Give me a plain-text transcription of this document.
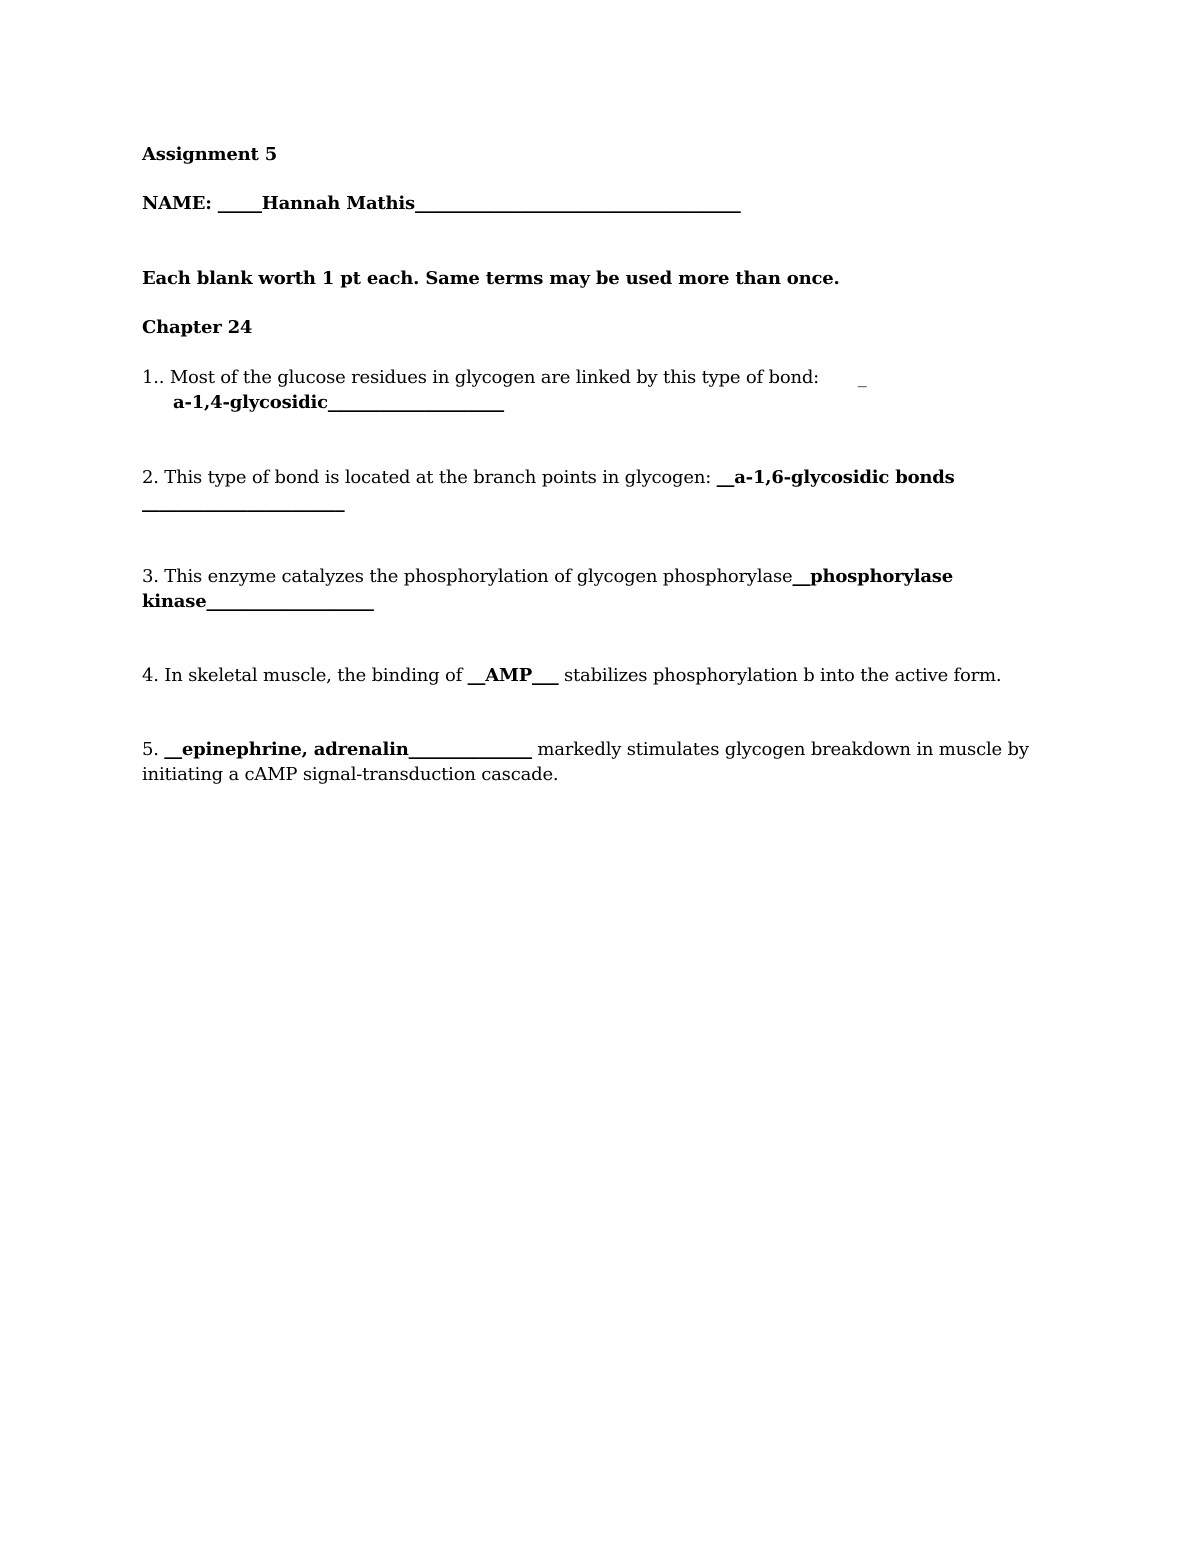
Assignment 5
NAME: _____Hannah Mathis_____________________________________
Each blank worth 1 pt each. Same terms may be used more than once.
Chapter 24
1.. Most of the glucose residues in glycogen are linked by this type of bond:       _
a-1,4-glycosidic____________________
2. This type of bond is located at the branch points in glycogen: __a-1,6-glycosidic bonds
_______________________
3. This enzyme catalyzes the phosphorylation of glycogen phosphorylase__phosphorylase
kinase___________________
4. In skeletal muscle, the binding of __AMP___ stabilizes phosphorylation b into the active form.
5. __epinephrine, adrenalin______________ markedly stimulates glycogen breakdown in muscle by
initiating a cAMP signal-transduction cascade.
